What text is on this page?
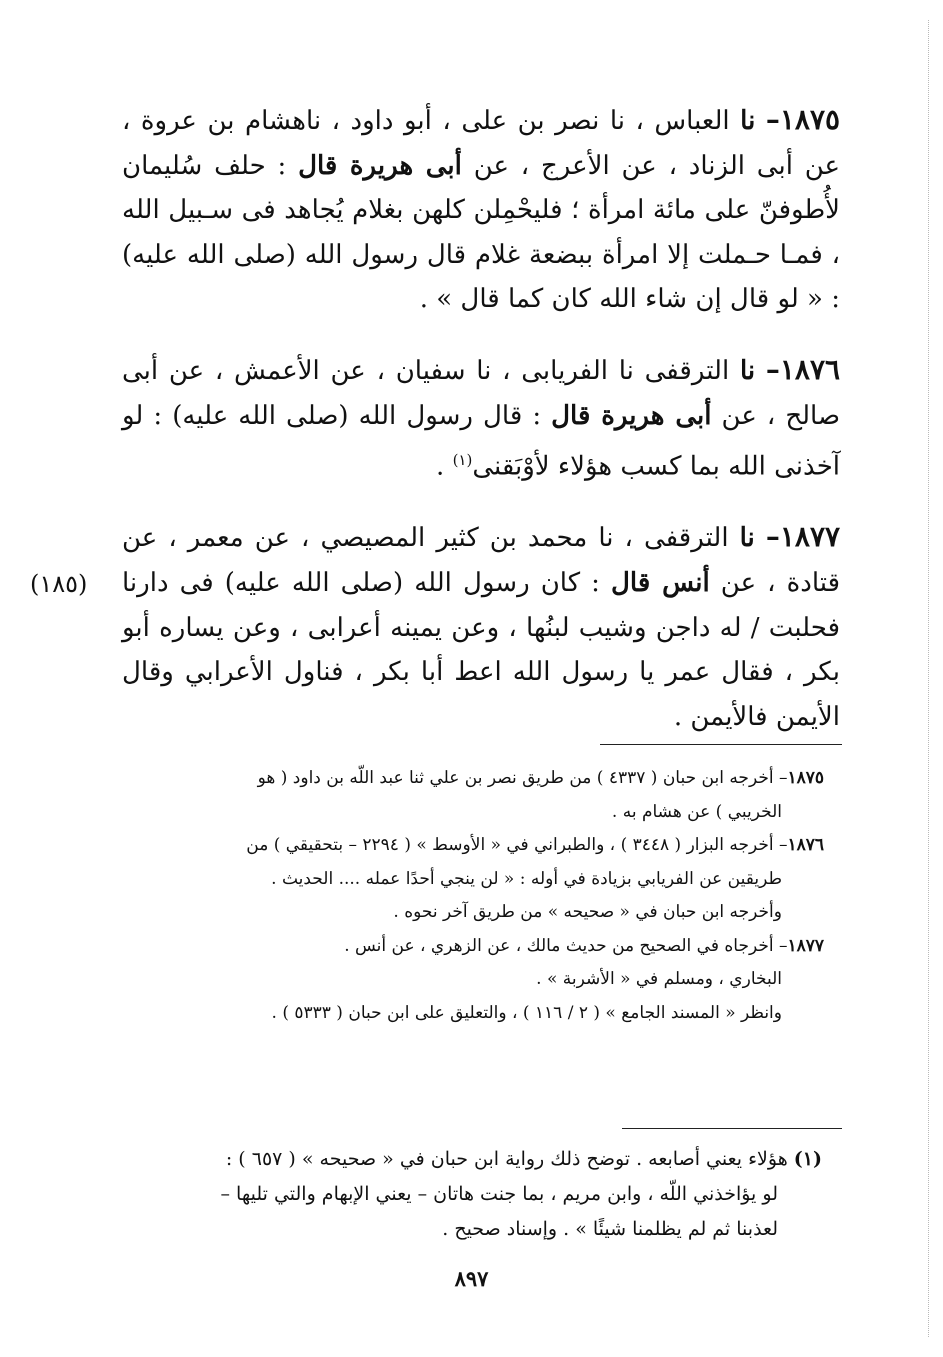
١٨٧٥– نا العباس ، نا نصر بن على ، أبو داود ، ناهشام بن عروة ، عن أبى الزناد ، عن الأعرج ، عن أبى هريرة قال : حلف سُليمان لأُطوفنّ على مائة امرأة ؛ فليحْمِلن كلهن بغلام يُجاهد فى سـبيل الله ، فمـا حـملت إلا امرأة ببضعة غلام قال رسول الله (صلى الله عليه) : « لو قال إن شاء الله كان كما قال » .

١٨٧٦– نا الترقفى نا الفريابى ، نا سفيان ، عن الأعمش ، عن أبى صالح ، عن أبى هريرة قال : قال رسول الله (صلى الله عليه) : لو آخذنى الله بما كسب هؤلاء لأوْبَقنى$^{(١)}$ .

١٨٧٧– نا الترقفى ، نا محمد بن كثير المصيصي ، عن معمر ، عن قتادة ، عن أنس قال : كان رسول الله (صلى الله عليه) فى دارنا فحلبت / له داجن وشيب لبنُها ، وعن يمينه أعرابى ، وعن يساره أبو بكر ، فقال عمر يا رسول الله اعط أبا بكر ، فناول الأعرابي وقال الأيمن فالأيمن .

(١٨٥)
١٨٧٥– أخرجه ابن حبان ( ٤٣٣٧ ) من طريق نصر بن علي ثنا عبد اللّه بن داود ( هو
الخريبي ) عن هشام به .
١٨٧٦– أخرجه البزار ( ٣٤٤٨ ) ، والطبراني في « الأوسط » ( ٢٢٩٤ – بتحقيقي ) من
طريقين عن الفريابي بزيادة في أوله : « لن ينجي أحدًا عمله .... الحديث .
وأخرجه ابن حبان في « صحيحه » من طريق آخر نحوه .
١٨٧٧– أخرجاه في الصحيح من حديث مالك ، عن الزهري ، عن أنس .
البخاري ، ومسلم في « الأشربة » .
وانظر « المسند الجامع » ( ٢ / ١١٦ ) ، والتعليق على ابن حبان ( ٥٣٣٣ ) .
(١) هؤلاء يعني أصابعه . توضح ذلك رواية ابن حبان في « صحيحه » ( ٦٥٧ ) :
لو يؤاخذني اللّه ، وابن مريم ، بما جنت هاتان – يعني الإبهام والتي تليها –
لعذبنا ثم لم يظلمنا شيئًا » . وإسناد صحيح .
٨٩٧
